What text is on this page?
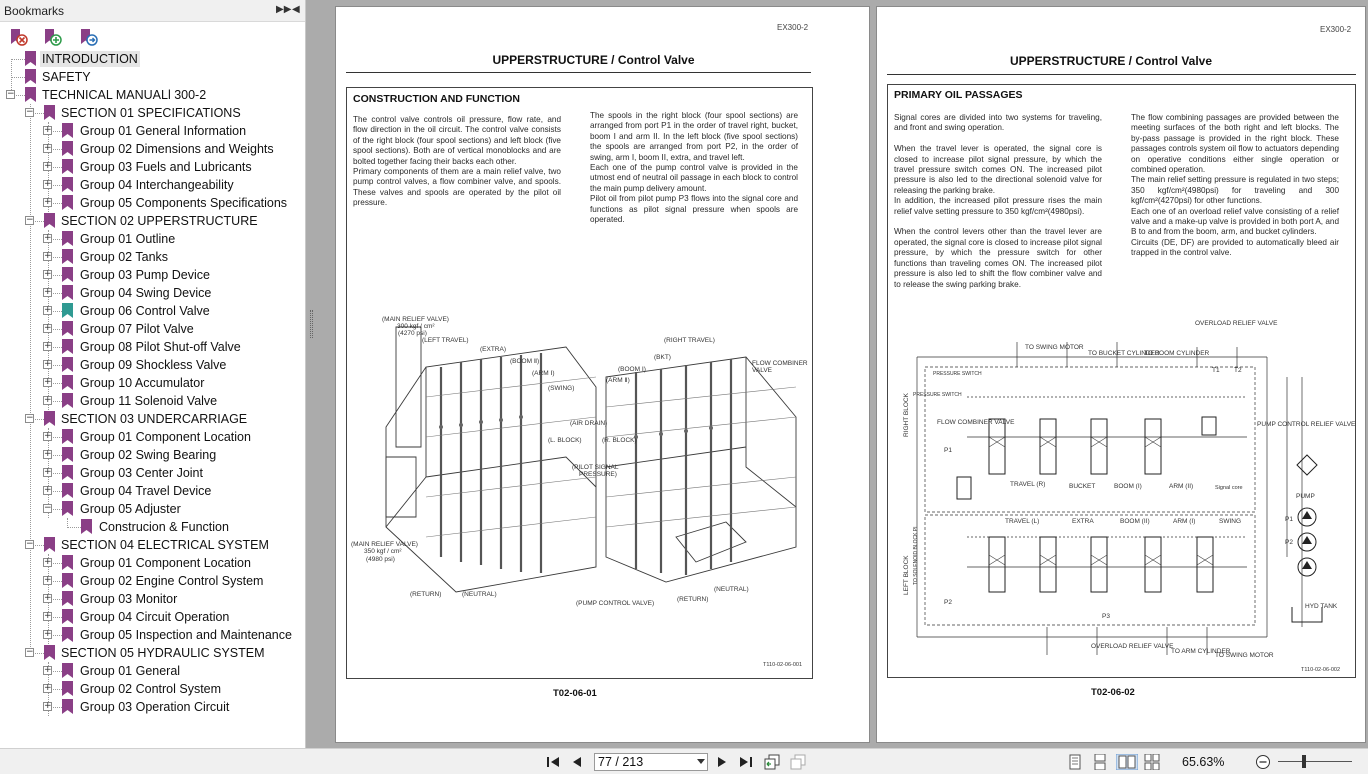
Bookmarks	▶▶ ◀
INTRODUCTION
SAFETY
− TECHNICAL MANUALl 300-2
− SECTION 01 SPECIFICATIONS
+ Group 01 General Information
+ Group 02 Dimensions and Weights
+ Group 03 Fuels and Lubricants
+ Group 04 Interchangeability
+ Group 05 Components Specifications
− SECTION 02 UPPERSTRUCTURE
+ Group 01 Outline
+ Group 02 Tanks
+ Group 03 Pump Device
+ Group 04 Swing Device
+ Group 06 Control Valve
+ Group 07 Pilot Valve
+ Group 08 Pilot Shut-off Valve
+ Group 09 Shockless Valve
+ Group 10 Accumulator
+ Group 11 Solenoid Valve
− SECTION 03 UNDERCARRIAGE
+ Group 01 Component Location
+ Group 02 Swing Bearing
+ Group 03 Center Joint
+ Group 04 Travel Device
− Group 05 Adjuster
Construcion & Function
− SECTION 04 ELECTRICAL SYSTEM
+ Group 01 Component Location
+ Group 02 Engine Control System
+ Group 03 Monitor
+ Group 04 Circuit Operation
+ Group 05 Inspection and Maintenance
− SECTION 05 HYDRAULIC SYSTEM
+ Group 01 General
+ Group 02 Control System
+ Group 03 Operation Circuit
EX300-2
UPPERSTRUCTURE / Control Valve
CONSTRUCTION AND FUNCTION
The control valve controls oil pressure, flow rate, and flow direction in the oil circuit. The control valve consists of the right block (four spool sections) and left block (five spool sections). Both are of vertical monoblocks and are bolted together facing their backs each other.
Primary components of them are a main relief valve, two pump control valves, a flow combiner valve, and spools. These valves and spools are operated by the pilot oil pressure.
The spools in the right block (four spool sections) are arranged from port P1 in the order of travel right, bucket, boom I and arm II. In the left block (five spool sections) the spools are arranged from port P2, in the order of swing, arm I, boom II, extra, and travel left.
Each one of the pump control valve is provided in the utmost end of neutral oil passage in each block to control the main pump delivery amount.
Pilot oil from pilot pump P3 flows into the signal core and functions as pilot signal pressure when spools are operated.
(MAIN RELIEF VALVE)
300 kgf / cm²
(4270 psi)
(LEFT TRAVEL)
(EXTRA)
(BOOM Ⅱ)
(ARM Ⅰ)
(SWING)
(AIR DRAIN)
(L. BLOCK)	(R. BLOCK)
(PILOT SIGNAL
PRESSURE)
(RIGHT TRAVEL)
(BKT)
(BOOM Ⅰ)
(ARM Ⅱ)
FLOW COMBINER
VALVE
(MAIN RELIEF VALVE)
350 kgf / cm²
(4980 psi)
(RETURN)	(NEUTRAL)
(PUMP CONTROL VALVE)
(RETURN)
(NEUTRAL)
T110-02-06-001
T02-06-01
EX300-2
UPPERSTRUCTURE / Control Valve
PRIMARY OIL PASSAGES
Signal cores are divided into two systems for traveling, and front and swing operation.

When the travel lever is operated, the signal core is closed to increase pilot signal pressure, by which the travel pressure switch comes ON. The increased pilot pressure is also led to the directional solenoid valve for releasing the parking brake.
In addition, the increased pilot pressure rises the main relief valve setting pressure to 350 kgf/cm²(4980psi).

When the control levers other than the travel lever are operated, the signal core is closed to increase pilot signal pressure, by which the pressure switch for other functions than traveling comes ON. The increased pilot pressure is also led to shift the flow combiner valve and to release the swing parking brake.
The flow combining passages are provided between the meeting surfaces of the both right and left blocks. The by-pass passage is provided in the right block. These passages controls system oil flow to actuators depending on operative conditions either single operation or combined operation.
The main relief setting pressure is regulated in two steps; 350 kgf/cm²(4980psi) for traveling and 300 kgf/cm²(4270psi) for other functions.
Each one of an overload relief valve consisting of a relief valve and a make-up valve is provided in both port A, and B to and from the boom, arm, and bucket cylinders.
Circuits (DE, DF) are provided to automatically bleed air trapped in the control valve.
TO SWING MOTOR
TO BUCKET CYLINDER
TO BOOM CYLINDER
OVERLOAD RELIEF VALVE
T1 T2
PRESSURE SWITCH
PRESSURE SWITCH
RIGHT BLOCK
LEFT BLOCK
FLOW COMBINER VALVE	PUMP CONTROL RELIEF VALVE
TRAVEL (R)	BUCKET	BOOM (I)	ARM (II)	Signal core
TRAVEL (L)	EXTRA	BOOM (II)	ARM (I)	SWING
PUMP
P1
P2
P3
P1
P2
HYD TANK
OVERLOAD RELIEF VALVE
TO ARM CYLINDER
TO SWING MOTOR
TO SOLENOID BLOCK PI
T110-02-06-002
T02-06-02
77 / 213
65.63%
